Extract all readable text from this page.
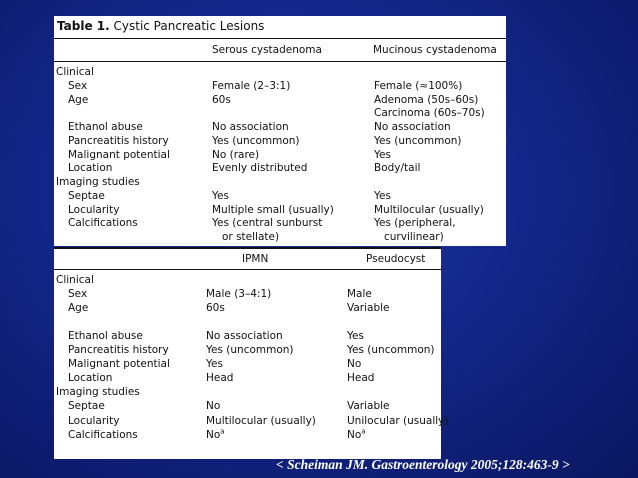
Table 1. Cystic Pancreatic Lesions
Serous cystadenoma	Mucinous cystadenoma
Clinical
Sex	Female (2–3:1)	Female (≈100%)
Age	60s	Adenoma (50s–60s)
Carcinoma (60s–70s)
Ethanol abuse	No association	No association
Pancreatitis history	Yes (uncommon)	Yes (uncommon)
Malignant potential	No (rare)	Yes
Location	Evenly distributed	Body/tail
Imaging studies
Septae	Yes	Yes
Locularity	Multiple small (usually)	Multilocular (usually)
Calcifications	Yes (central sunburst	Yes (peripheral,
or stellate)	curvilinear)
IPMN	Pseudocyst
Clinical
Sex	Male (3–4:1)	Male
Age	60s	Variable
Ethanol abuse	No association	Yes
Pancreatitis history	Yes (uncommon)	Yes (uncommon)
Malignant potential	Yes	No
Location	Head	Head
Imaging studies
Septae	No	Variable
Locularity	Multilocular (usually)	Unilocular (usually)
Calcifications	No$^a$	$No^a$
< Scheiman JM. Gastroenterology 2005;128:463-9 >
